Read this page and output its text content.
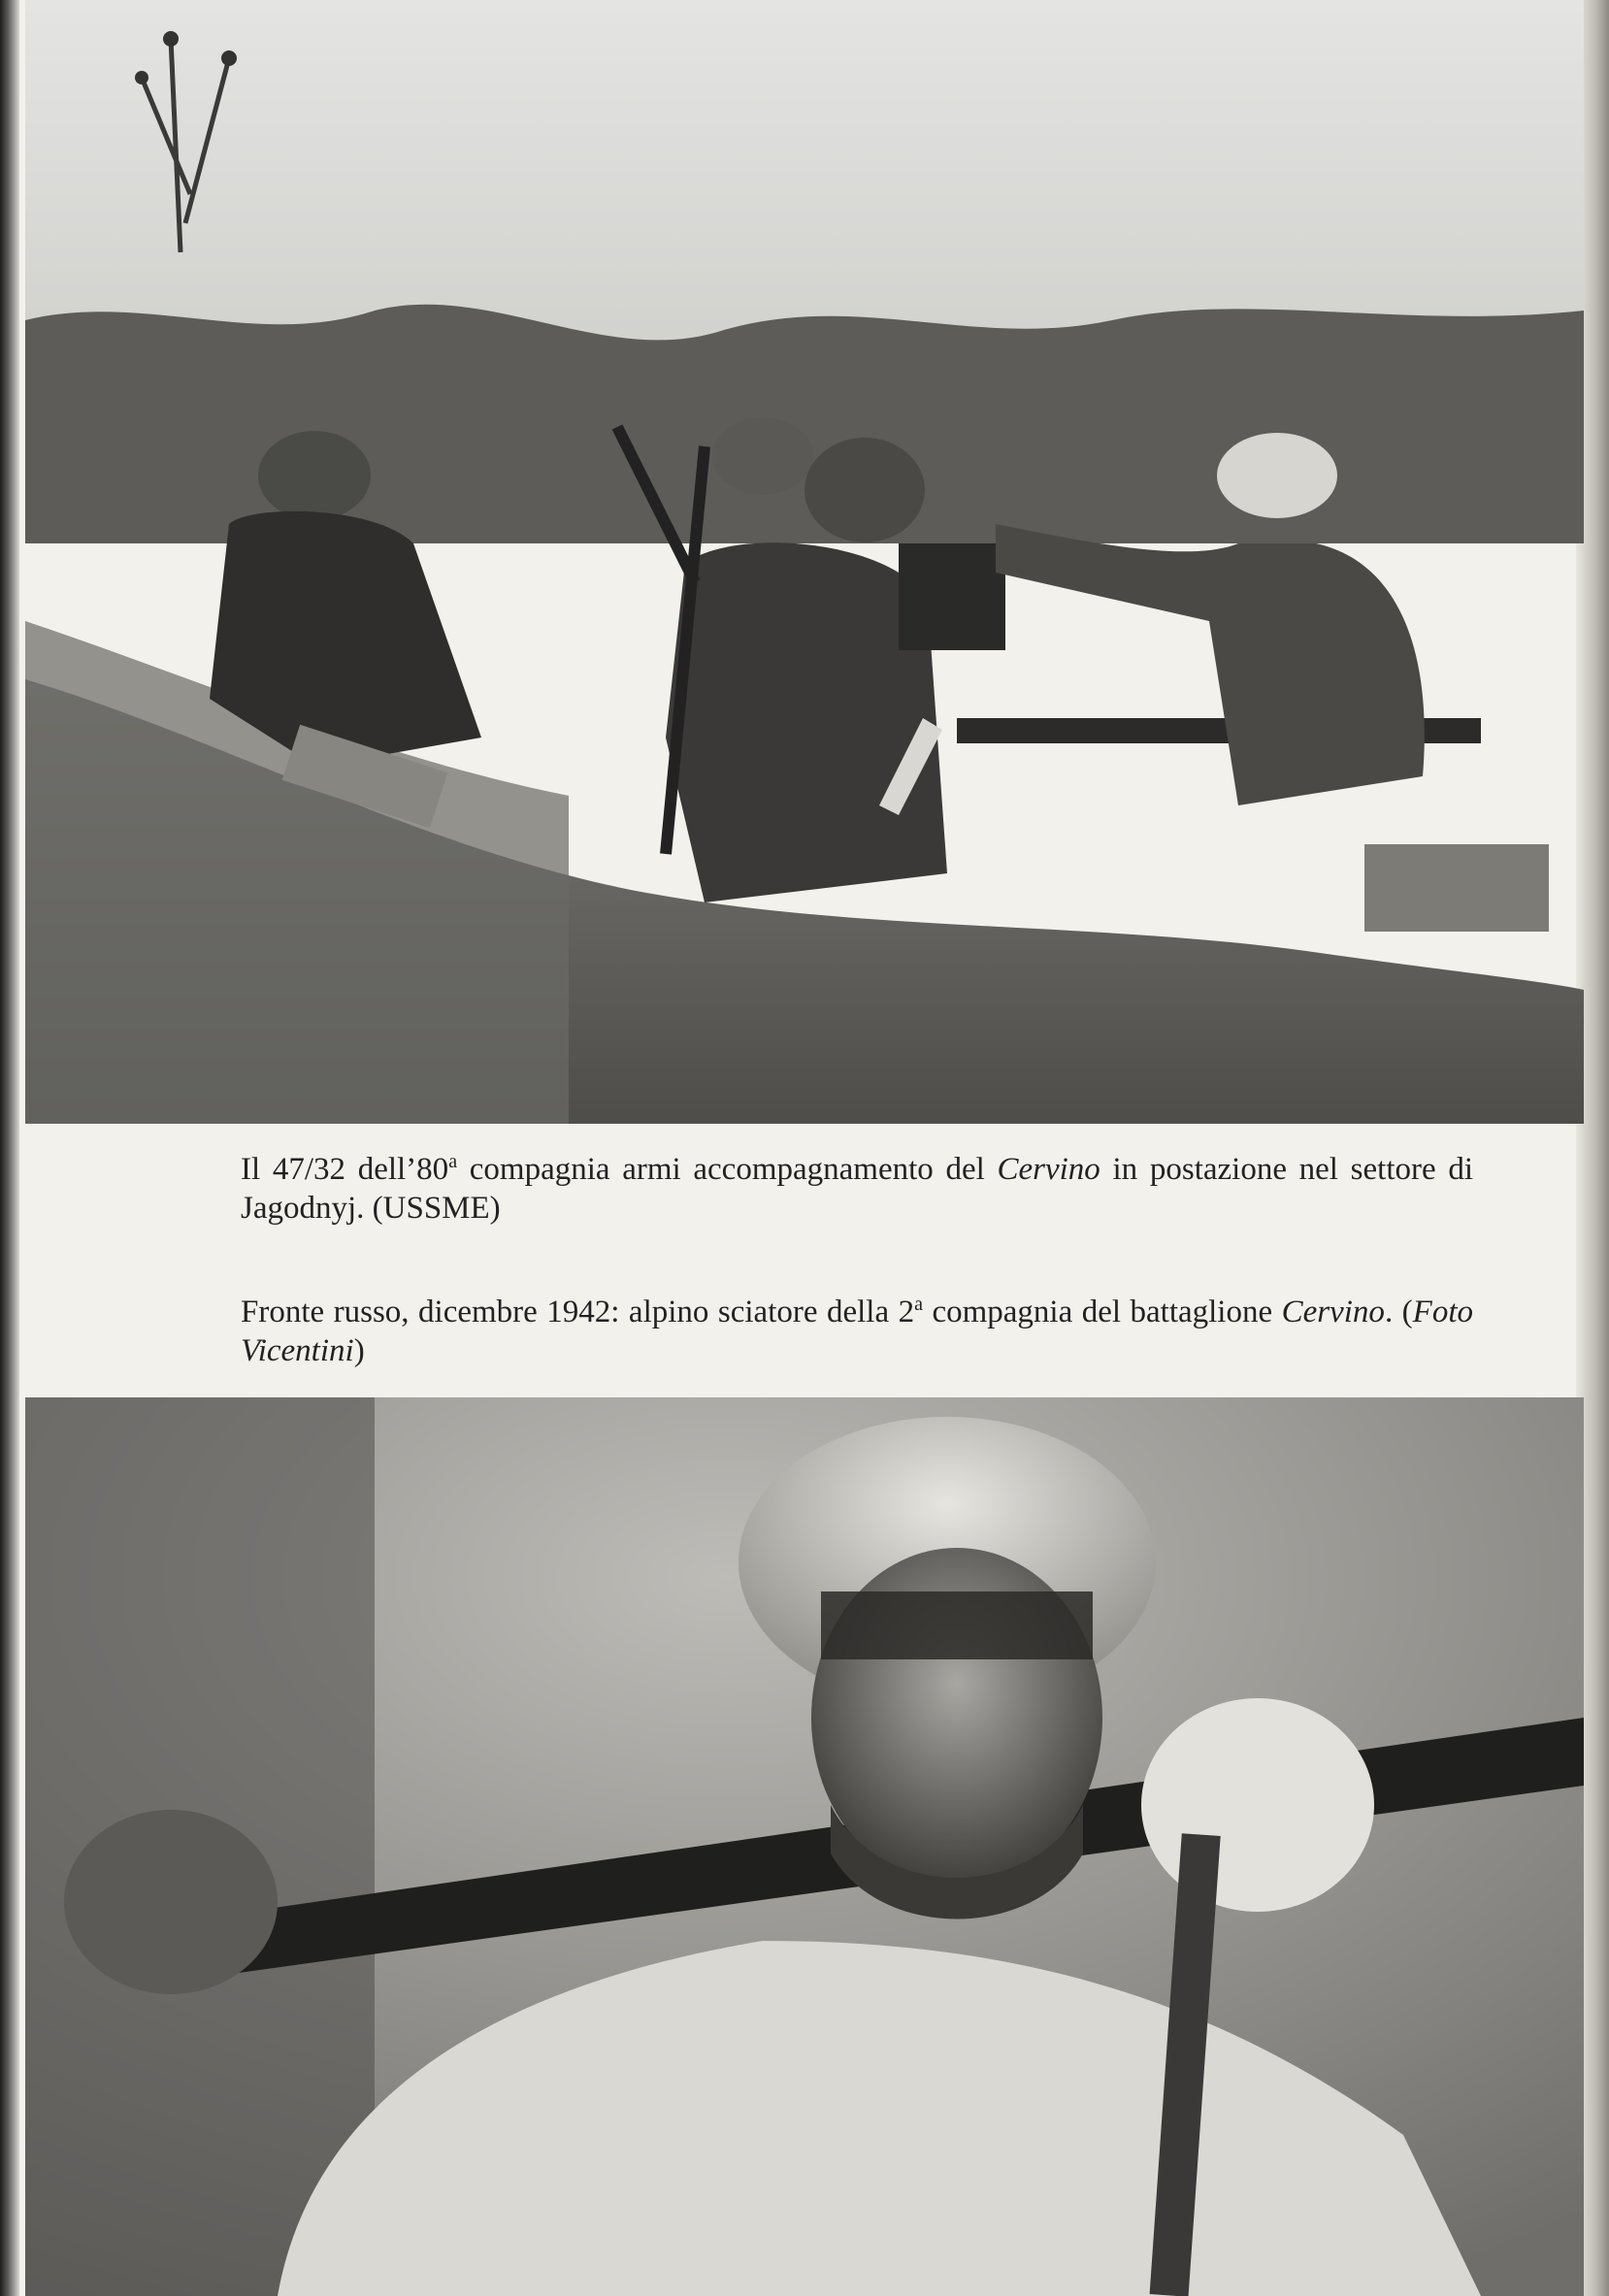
Il 47/32 dell’80$^a$ compagnia armi accompagnamento del Cervino in postazione nel settore di Jagodnyj. (USSME)
Fronte russo, dicembre 1942: alpino sciatore della 2$^a$ compagnia del battaglione Cervino. (Foto Vicentini)
